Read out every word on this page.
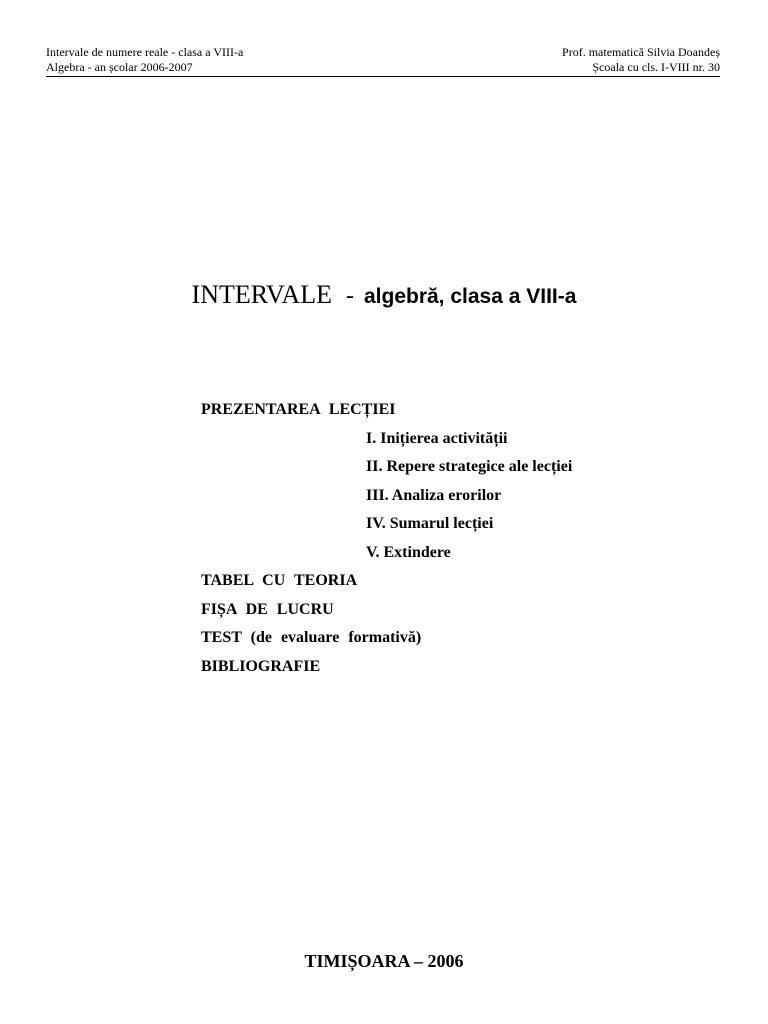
Intervale de numere reale - clasa a VIII-a	Prof. matematică Silvia Doandeș
Algebra - an școlar 2006-2007	Școala cu cls. I-VIII nr. 30
INTERVALE - algebră, clasa a VIII-a
PREZENTAREA LECȚIEI
I. Inițierea activității
II. Repere strategice ale lecției
III. Analiza erorilor
IV. Sumarul lecției
V. Extindere
TABEL CU TEORIA
FIȘA DE LUCRU
TEST (de evaluare formativă)
BIBLIOGRAFIE
TIMIȘOARA – 2006
